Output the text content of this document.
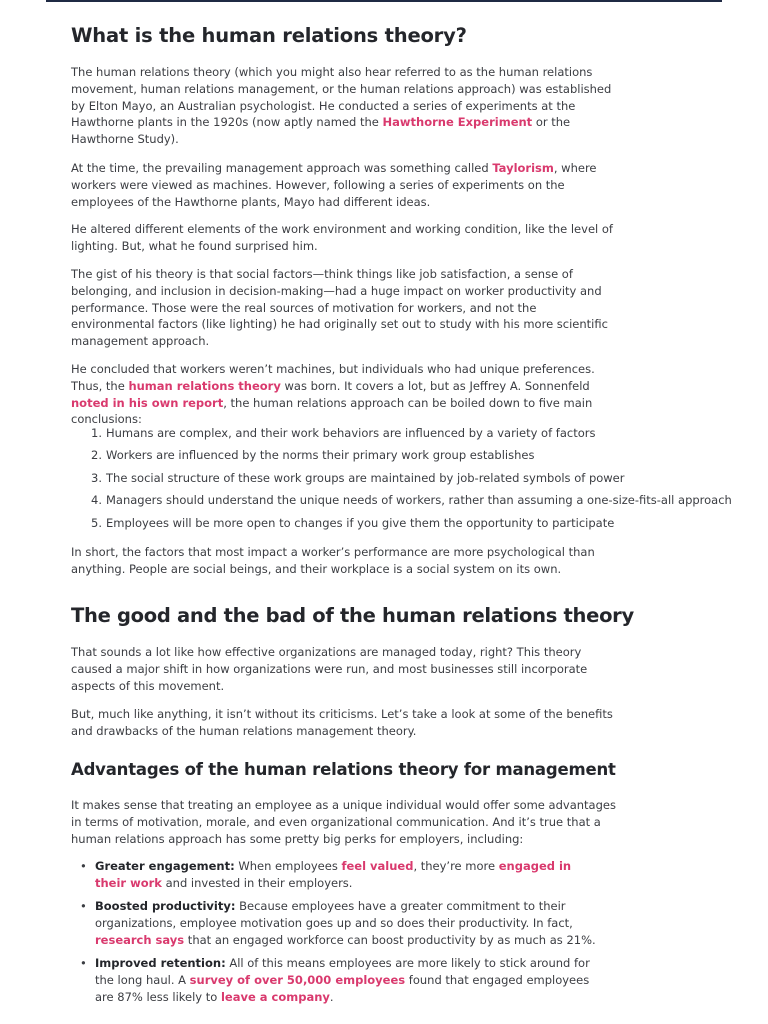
What is the human relations theory?

The human relations theory (which you might also hear referred to as the human relations movement, human relations management, or the human relations approach) was established by Elton Mayo, an Australian psychologist. He conducted a series of experiments at the Hawthorne plants in the 1920s (now aptly named the Hawthorne Experiment or the Hawthorne Study).

At the time, the prevailing management approach was something called Taylorism, where workers were viewed as machines. However, following a series of experiments on the employees of the Hawthorne plants, Mayo had different ideas.

He altered different elements of the work environment and working condition, like the level of lighting. But, what he found surprised him.

The gist of his theory is that social factors—think things like job satisfaction, a sense of belonging, and inclusion in decision-making—had a huge impact on worker productivity and performance. Those were the real sources of motivation for workers, and not the environmental factors (like lighting) he had originally set out to study with his more scientific management approach.

He concluded that workers weren’t machines, but individuals who had unique preferences. Thus, the human relations theory was born. It covers a lot, but as Jeffrey A. Sonnenfeld noted in his own report, the human relations approach can be boiled down to five main conclusions:

1. Humans are complex, and their work behaviors are influenced by a variety of factors
2. Workers are influenced by the norms their primary work group establishes
3. The social structure of these work groups are maintained by job-related symbols of power
4. Managers should understand the unique needs of workers, rather than assuming a one-size-fits-all approach
5. Employees will be more open to changes if you give them the opportunity to participate

In short, the factors that most impact a worker’s performance are more psychological than anything. People are social beings, and their workplace is a social system on its own.

The good and the bad of the human relations theory

That sounds a lot like how effective organizations are managed today, right? This theory caused a major shift in how organizations were run, and most businesses still incorporate aspects of this movement.

But, much like anything, it isn’t without its criticisms. Let’s take a look at some of the benefits and drawbacks of the human relations management theory.

Advantages of the human relations theory for management

It makes sense that treating an employee as a unique individual would offer some advantages in terms of motivation, morale, and even organizational communication. And it’s true that a human relations approach has some pretty big perks for employers, including:

• Greater engagement: When employees feel valued, they’re more engaged in their work and invested in their employers.
• Boosted productivity: Because employees have a greater commitment to their organizations, employee motivation goes up and so does their productivity. In fact, research says that an engaged workforce can boost productivity by as much as 21%.
• Improved retention: All of this means employees are more likely to stick around for the long haul. A survey of over 50,000 employees found that engaged employees are 87% less likely to leave a company.
